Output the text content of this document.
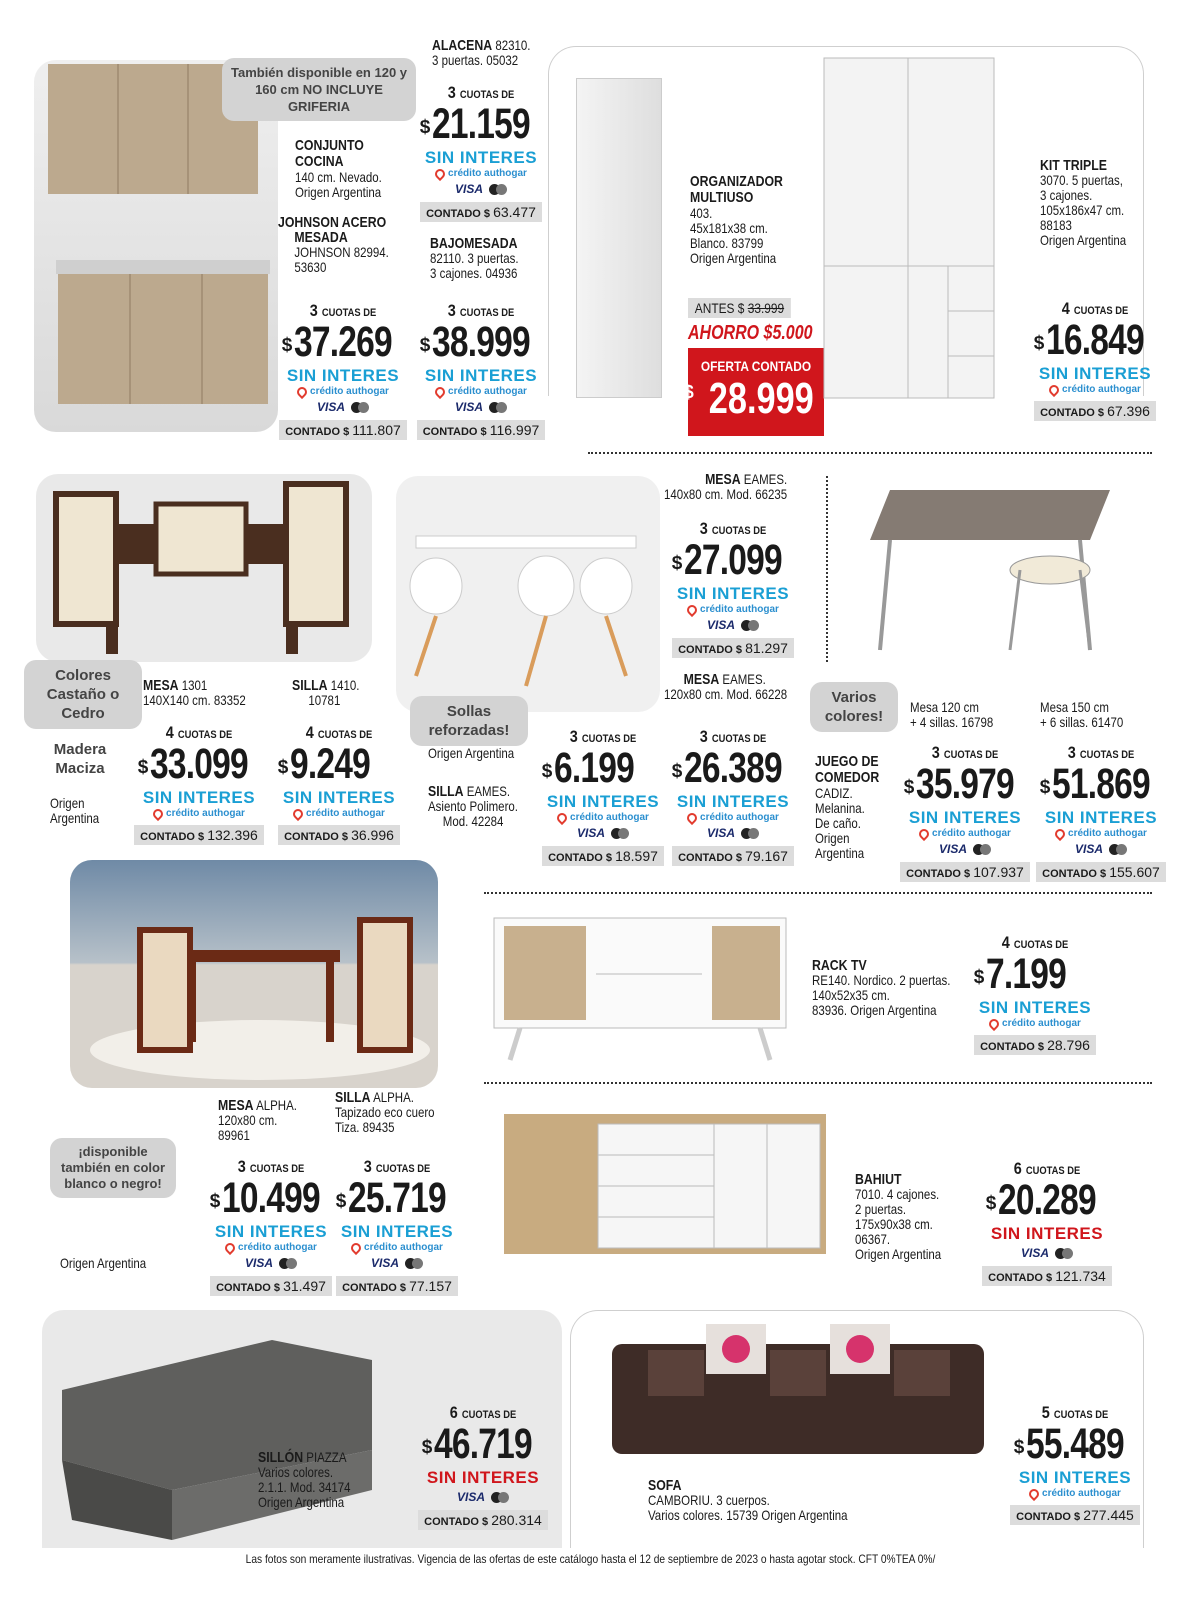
También disponible en 120 y 160 cm NO INCLUYE GRIFERIA
CONJUNTO COCINA
140 cm. Nevado.
Origen Argentina
JOHNSON ACERO
MESADA
JOHNSON 82994.
53630
3 CUOTAS DE
$ 37.269
SIN INTERES
crédito authogar
VISA
CONTADO $ 111.807
ALACENA 82310.
3 puertas. 05032
3 CUOTAS DE
$ 21.159
SIN INTERES
crédito authogar
VISA
CONTADO $ 63.477
BAJOMESADA
82110. 3 puertas.
3 cajones. 04936
3 CUOTAS DE
$ 38.999
SIN INTERES
crédito authogar
VISA
CONTADO $ 116.997
ORGANIZADOR MULTIUSO
403.
45x181x38 cm.
Blanco. 83799
Origen Argentina
ANTES $ 33.999
AHORRO $5.000
OFERTA CONTADO
$ 28.999
KIT TRIPLE
3070. 5 puertas,
3 cajones.
105x186x47 cm.
88183
Origen Argentina
4 CUOTAS DE
$ 16.849
SIN INTERES
crédito authogar
CONTADO $ 67.396
Colores Castaño o Cedro
Madera Maciza
Origen Argentina
MESA 1301
140X140 cm. 83352
SILLA 1410.
10781
4 CUOTAS DE
$ 33.099
SIN INTERES
crédito authogar
CONTADO $ 132.396
4 CUOTAS DE
$ 9.249
SIN INTERES
crédito authogar
CONTADO $ 36.996
Sollas reforzadas!
Origen Argentina
SILLA EAMES.
Asiento Polimero.
Mod. 42284
MESA EAMES.
140x80 cm. Mod. 66235
3 CUOTAS DE
$ 27.099
SIN INTERES
crédito authogar
VISA
CONTADO $ 81.297
MESA EAMES.
120x80 cm. Mod. 66228
3 CUOTAS DE
$ 6.199
SIN INTERES
crédito authogar
VISA
CONTADO $ 18.597
3 CUOTAS DE
$ 26.389
SIN INTERES
crédito authogar
VISA
CONTADO $ 79.167
Varios colores!
Mesa 120 cm
+ 4 sillas. 16798
Mesa 150 cm
+ 6 sillas. 61470
JUEGO DE COMEDOR
CADIZ.
Melanina.
De caño.
Origen
Argentina
3 CUOTAS DE
$ 35.979
SIN INTERES
crédito authogar
VISA
CONTADO $ 107.937
3 CUOTAS DE
$ 51.869
SIN INTERES
crédito authogar
VISA
CONTADO $ 155.607
RACK TV
RE140. Nordico. 2 puertas.
140x52x35 cm.
83936. Origen Argentina
4 CUOTAS DE
$ 7.199
SIN INTERES
crédito authogar
CONTADO $ 28.796
MESA ALPHA.
120x80 cm.
89961
SILLA ALPHA.
Tapizado eco cuero
Tiza. 89435
¡disponible también en color blanco o negro!
Origen Argentina
3 CUOTAS DE
$ 10.499
SIN INTERES
crédito authogar
VISA
CONTADO $ 31.497
3 CUOTAS DE
$ 25.719
SIN INTERES
crédito authogar
VISA
CONTADO $ 77.157
BAHIUT
7010. 4 cajones.
2 puertas.
175x90x38 cm.
06367.
Origen Argentina
6 CUOTAS DE
$ 20.289
SIN INTERES
VISA
CONTADO $ 121.734
SILLÓN PIAZZA
Varios colores.
2.1.1. Mod. 34174
Origen Argentina
6 CUOTAS DE
$ 46.719
SIN INTERES
VISA
CONTADO $ 280.314
SOFA
CAMBORIU. 3 cuerpos.
Varios colores. 15739 Origen Argentina
5 CUOTAS DE
$ 55.489
SIN INTERES
crédito authogar
CONTADO $ 277.445
Las fotos son meramente ilustrativas. Vigencia de las ofertas de este catálogo hasta el 12 de septiembre de 2023 o hasta agotar stock. CFT 0%TEA 0%/
